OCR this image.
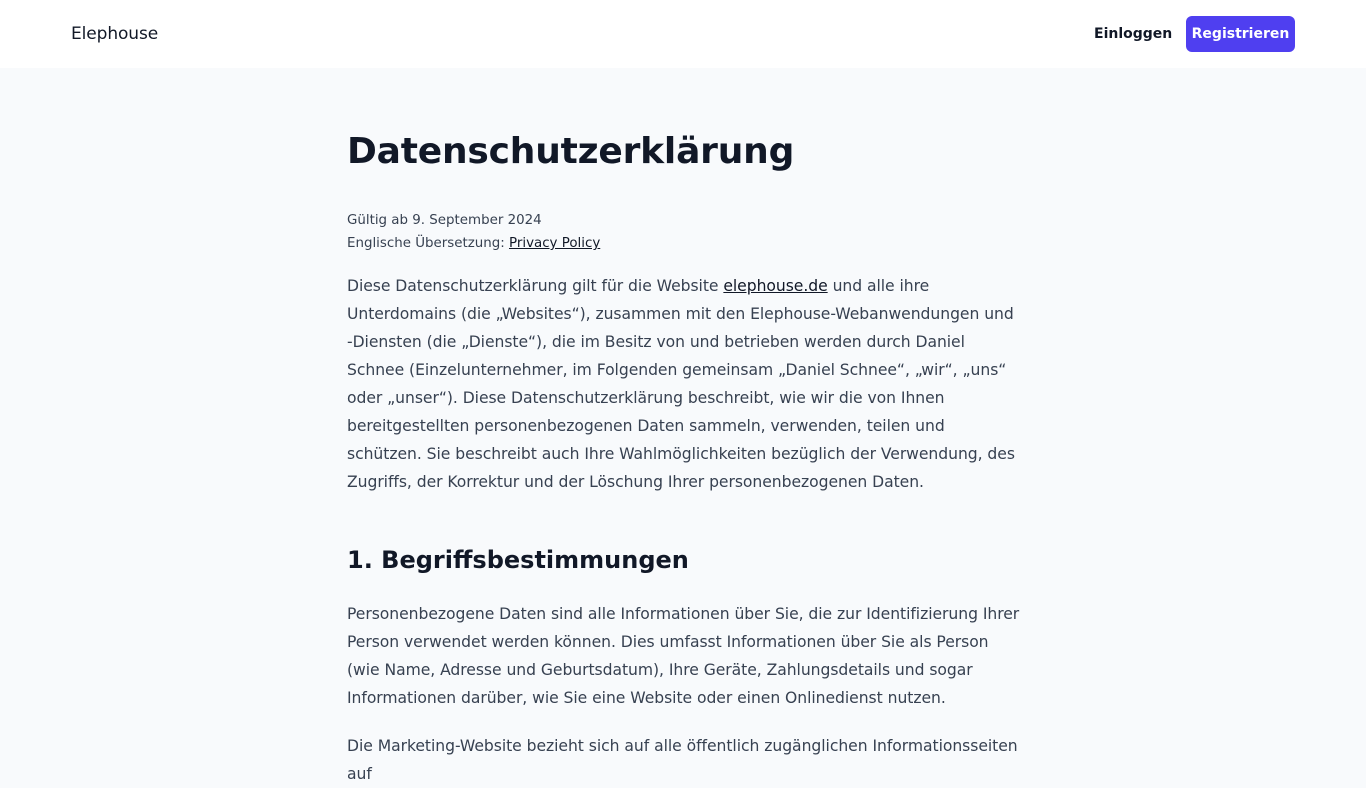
Elephouse	Einloggen	Registrieren
Datenschutzerklärung
Gültig ab 9. September 2024
Englische Übersetzung: Privacy Policy

Diese Datenschutzerklärung gilt für die Website elephouse.de und alle ihre Unterdomains (die „Websites“), zusammen mit den Elephouse-Webanwendungen und -Diensten (die „Dienste“), die im Besitz von und betrieben werden durch Daniel Schnee (Einzelunternehmer, im Folgenden gemeinsam „Daniel Schnee“, „wir“, „uns“ oder „unser“). Diese Datenschutzerklärung beschreibt, wie wir die von Ihnen bereitgestellten personenbezogenen Daten sammeln, verwenden, teilen und schützen. Sie beschreibt auch Ihre Wahlmöglichkeiten bezüglich der Verwendung, des Zugriffs, der Korrektur und der Löschung Ihrer personenbezogenen Daten.

1. Begriffsbestimmungen

Personenbezogene Daten sind alle Informationen über Sie, die zur Identifizierung Ihrer Person verwendet werden können. Dies umfasst Informationen über Sie als Person (wie Name, Adresse und Geburtsdatum), Ihre Geräte, Zahlungsdetails und sogar Informationen darüber, wie Sie eine Website oder einen Onlinedienst nutzen.

Die Marketing-Website bezieht sich auf alle öffentlich zugänglichen Informationsseiten auf
